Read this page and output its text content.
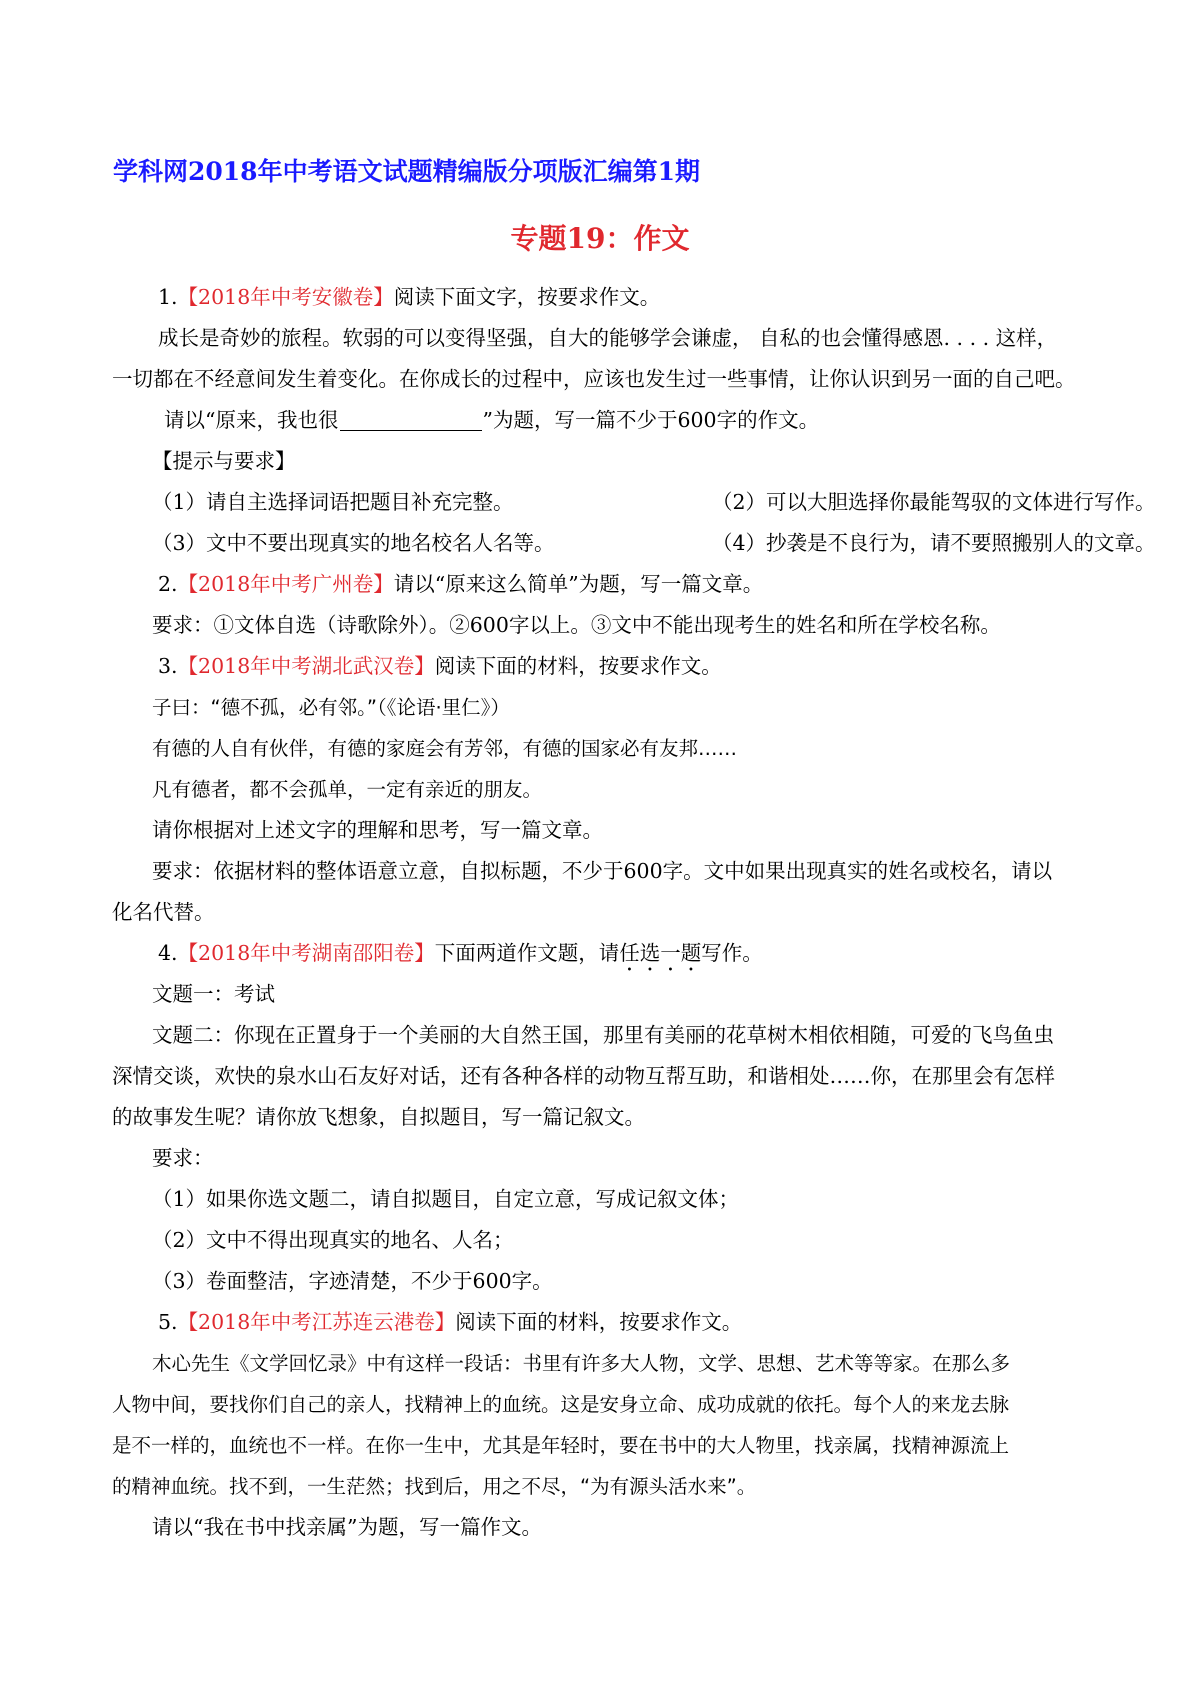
学科网2018年中考语文试题精编版分项版汇编第1期
专题19：作文
1.【2018年中考安徽卷】阅读下面文字，按要求作文。
成长是奇妙的旅程。软弱的可以变得坚强，自大的能够学会谦虚， 自私的也会懂得感恩. . . . 这样，
一切都在不经意间发生着变化。在你成长的过程中，应该也发生过一些事情，让你认识到另一面的自己吧。
请以“原来，我也很	”为题，写一篇不少于600字的作文。
【提示与要求】
（1）请自主选择词语把题目补充完整。	（2）可以大胆选择你最能驾驭的文体进行写作。
（3）文中不要出现真实的地名校名人名等。	（4）抄袭是不良行为，请不要照搬别人的文章。
2.【2018年中考广州卷】请以“原来这么简单”为题，写一篇文章。
要求：①文体自选（诗歌除外）。②600字以上。③文中不能出现考生的姓名和所在学校名称。
3.【2018年中考湖北武汉卷】阅读下面的材料，按要求作文。
子曰：“德不孤，必有邻。”（《论语·里仁》）
有德的人自有伙伴，有德的家庭会有芳邻，有德的国家必有友邦……
凡有德者，都不会孤单，一定有亲近的朋友。
请你根据对上述文字的理解和思考，写一篇文章。
要求：依据材料的整体语意立意，自拟标题，不少于600字。文中如果出现真实的姓名或校名，请以
化名代替。
4.【2018年中考湖南邵阳卷】下面两道作文题，请任选一题写作。
文题一：考试
文题二：你现在正置身于一个美丽的大自然王国，那里有美丽的花草树木相依相随，可爱的飞鸟鱼虫
深情交谈，欢快的泉水山石友好对话，还有各种各样的动物互帮互助，和谐相处……你，在那里会有怎样
的故事发生呢？请你放飞想象，自拟题目，写一篇记叙文。
要求：
（1）如果你选文题二，请自拟题目，自定立意，写成记叙文体；
（2）文中不得出现真实的地名、人名；
（3）卷面整洁，字迹清楚，不少于600字。
5.【2018年中考江苏连云港卷】阅读下面的材料，按要求作文。
木心先生《文学回忆录》中有这样一段话：书里有许多大人物，文学、思想、艺术等等家。在那么多
人物中间，要找你们自己的亲人，找精神上的血统。这是安身立命、成功成就的依托。每个人的来龙去脉
是不一样的，血统也不一样。在你一生中，尤其是年轻时，要在书中的大人物里，找亲属，找精神源流上
的精神血统。找不到，一生茫然；找到后，用之不尽，“为有源头活水来”。
请以“我在书中找亲属”为题，写一篇作文。
